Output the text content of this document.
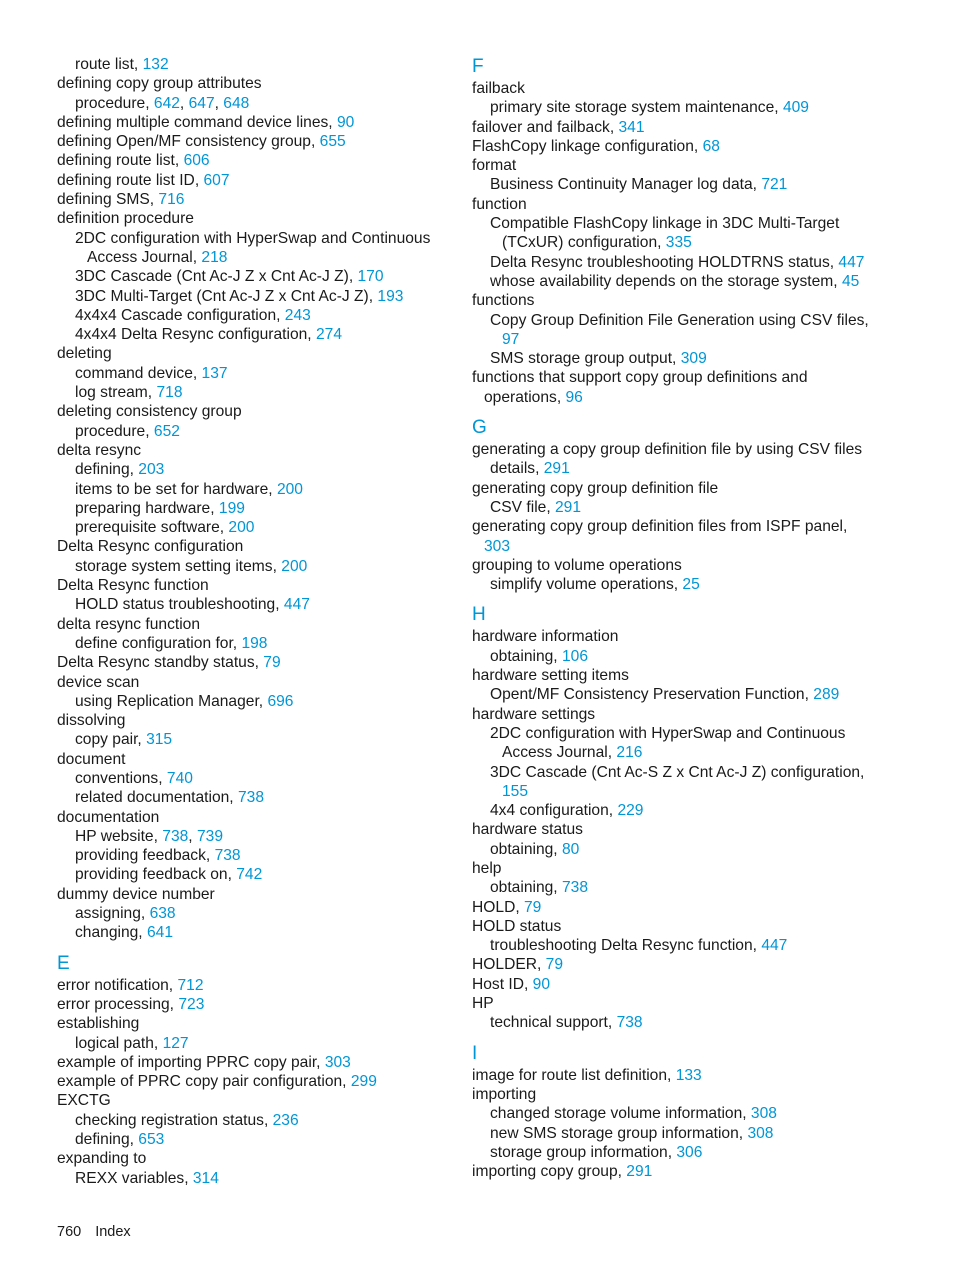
route list, 132
defining copy group attributes
procedure, 642, 647, 648
defining multiple command device lines, 90
defining Open/MF consistency group, 655
defining route list, 606
defining route list ID, 607
defining SMS, 716
definition procedure
2DC configuration with HyperSwap and Continuous
Access Journal, 218
3DC Cascade (Cnt Ac-J Z x Cnt Ac-J Z), 170
3DC Multi-Target (Cnt Ac-J Z x Cnt Ac-J Z), 193
4x4x4 Cascade configuration, 243
4x4x4 Delta Resync configuration, 274
deleting
command device, 137
log stream, 718
deleting consistency group
procedure, 652
delta resync
defining, 203
items to be set for hardware, 200
preparing hardware, 199
prerequisite software, 200
Delta Resync configuration
storage system setting items, 200
Delta Resync function
HOLD status troubleshooting, 447
delta resync function
define configuration for, 198
Delta Resync standby status, 79
device scan
using Replication Manager, 696
dissolving
copy pair, 315
document
conventions, 740
related documentation, 738
documentation
HP website, 738, 739
providing feedback, 738
providing feedback on, 742
dummy device number
assigning, 638
changing, 641
E
error notification, 712
error processing, 723
establishing
logical path, 127
example of importing PPRC copy pair, 303
example of PPRC copy pair configuration, 299
EXCTG
checking registration status, 236
defining, 653
expanding to
REXX variables, 314
F
failback
primary site storage system maintenance, 409
failover and failback, 341
FlashCopy linkage configuration, 68
format
Business Continuity Manager log data, 721
function
Compatible FlashCopy linkage in 3DC Multi-Target
(TCxUR) configuration, 335
Delta Resync troubleshooting HOLDTRNS status, 447
whose availability depends on the storage system, 45
functions
Copy Group Definition File Generation using CSV files,
97
SMS storage group output, 309
functions that support copy group definitions and
operations, 96
G
generating a copy group definition file by using CSV files
details, 291
generating copy group definition file
CSV file, 291
generating copy group definition files from ISPF panel,
303
grouping to volume operations
simplify volume operations, 25
H
hardware information
obtaining, 106
hardware setting items
Opent/MF Consistency Preservation Function, 289
hardware settings
2DC configuration with HyperSwap and Continuous
Access Journal, 216
3DC Cascade (Cnt Ac-S Z x Cnt Ac-J Z) configuration,
155
4x4 configuration, 229
hardware status
obtaining, 80
help
obtaining, 738
HOLD, 79
HOLD status
troubleshooting Delta Resync function, 447
HOLDER, 79
Host ID, 90
HP
technical support, 738
I
image for route list definition, 133
importing
changed storage volume information, 308
new SMS storage group information, 308
storage group information, 306
importing copy group, 291
760 Index
